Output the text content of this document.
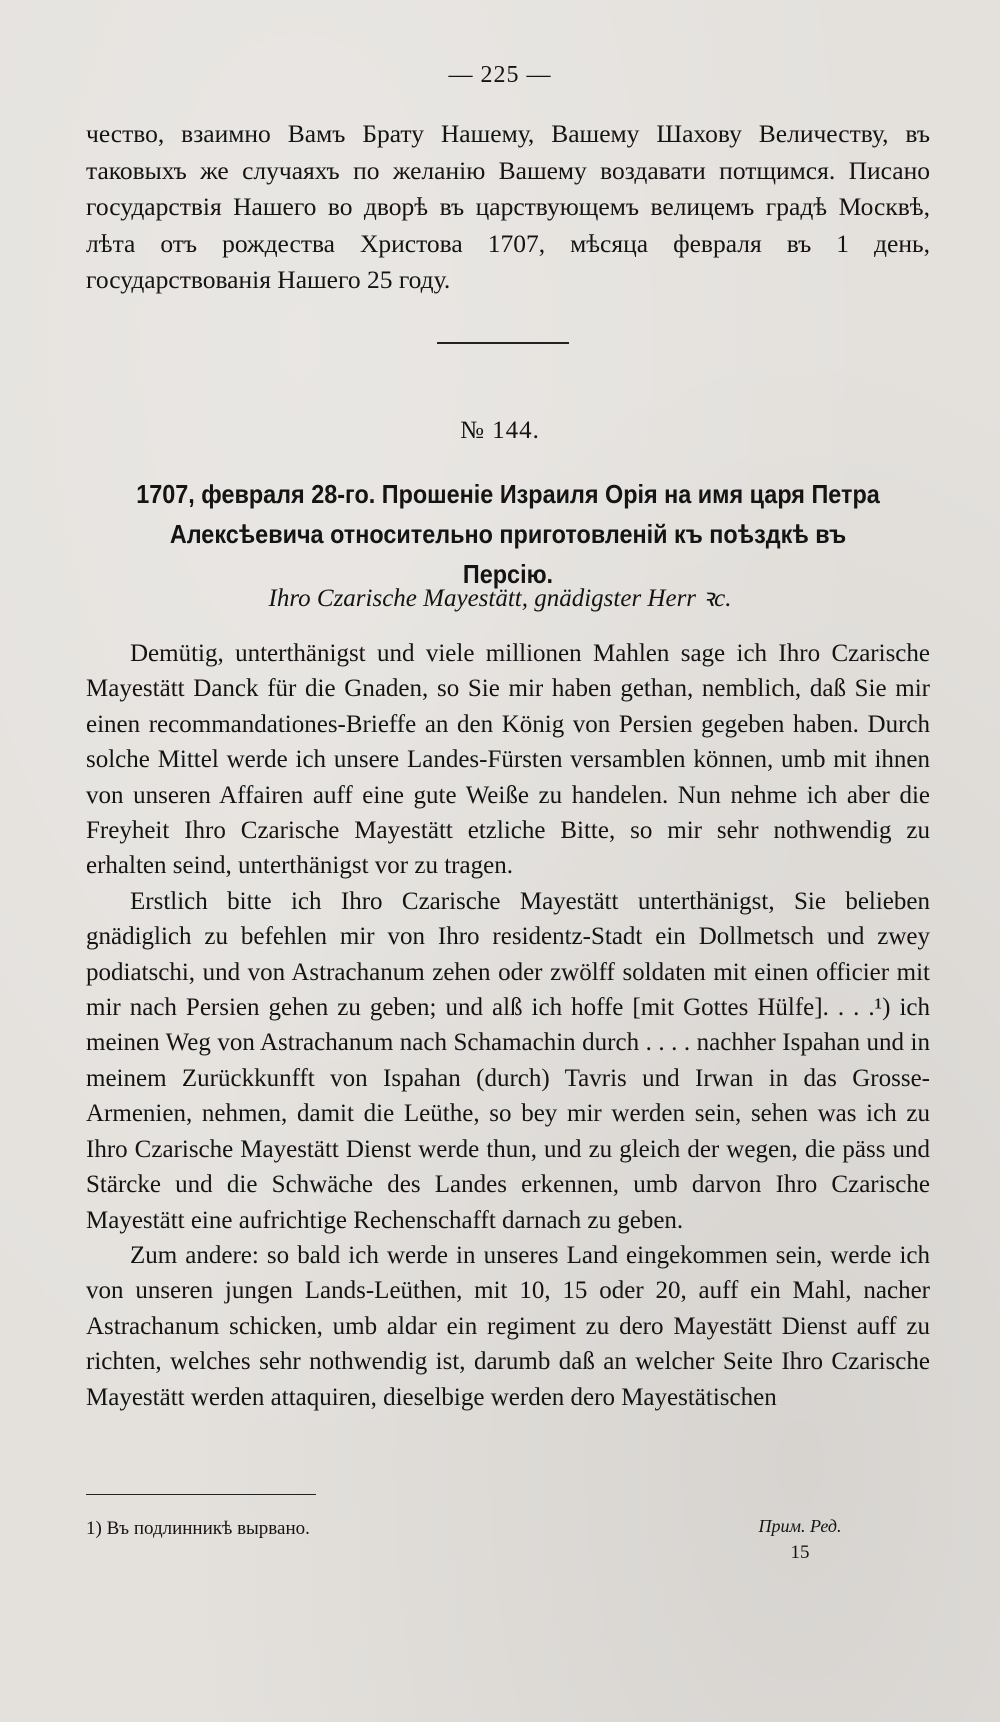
— 225 —
чество, взаимно Вамъ Брату Нашему, Вашему Шахову Величеству, въ таковыхъ же случаяхъ по желанію Вашему воздавати потщимся. Писано государствія Нашего во дворѣ въ царствующемъ велицемъ градѣ Москвѣ, лѣта отъ рождества Христова 1707, мѣсяца февраля въ 1 день, государствованія Нашего 25 году.
№ 144.
1707, февраля 28-го. Прошеніе Израиля Орія на имя царя Петра Алексѣевича относительно приготовленій къ поѣздкѣ въ Персію.
Ihro Czarische Mayestätt, gnädigster Herr ꝛc.

Demütig, unterthänigst und viele millionen Mahlen sage ich Ihro Czarische Mayestätt Danck für die Gnaden, so Sie mir haben gethan, nemblich, daß Sie mir einen recommandationes-Brieffe an den König von Persien gegeben haben. Durch solche Mittel werde ich unsere Landes-Fürsten versamblen können, umb mit ihnen von unseren Affairen auff eine gute Weiße zu handelen. Nun nehme ich aber die Freyheit Ihro Czarische Mayestätt etzliche Bitte, so mir sehr nothwendig zu erhalten seind, unterthänigst vor zu tragen.

Erstlich bitte ich Ihro Czarische Mayestätt unterthänigst, Sie belieben gnädiglich zu befehlen mir von Ihro residentz-Stadt ein Dollmetsch und zwey podiatschi, und von Astrachanum zehen oder zwölff soldaten mit einen officier mit mir nach Persien gehen zu geben; und alß ich hoffe [mit Gottes Hülfe]. . . .¹) ich meinen Weg von Astrachanum nach Schamachin durch . . . . nachher Ispahan und in meinem Zurückkunfft von Ispahan (durch) Tavris und Irwan in das Grosse-Armenien, nehmen, damit die Leüthe, so bey mir werden sein, sehen was ich zu Ihro Czarische Mayestätt Dienst werde thun, und zu gleich der wegen, die päss und Stärcke und die Schwäche des Landes erkennen, umb darvon Ihro Czarische Mayestätt eine aufrichtige Rechenschafft darnach zu geben.

Zum andere: so bald ich werde in unseres Land eingekommen sein, werde ich von unseren jungen Lands-Leüthen, mit 10, 15 oder 20, auff ein Mahl, nacher Astrachanum schicken, umb aldar ein regiment zu dero Mayestätt Dienst auff zu richten, welches sehr nothwendig ist, darumb daß an welcher Seite Ihro Czarische Mayestätt werden attaquiren, dieselbige werden dero Mayestätischen

1) Въ подлинникѣ вырвано.	Прим. Ред.
15
